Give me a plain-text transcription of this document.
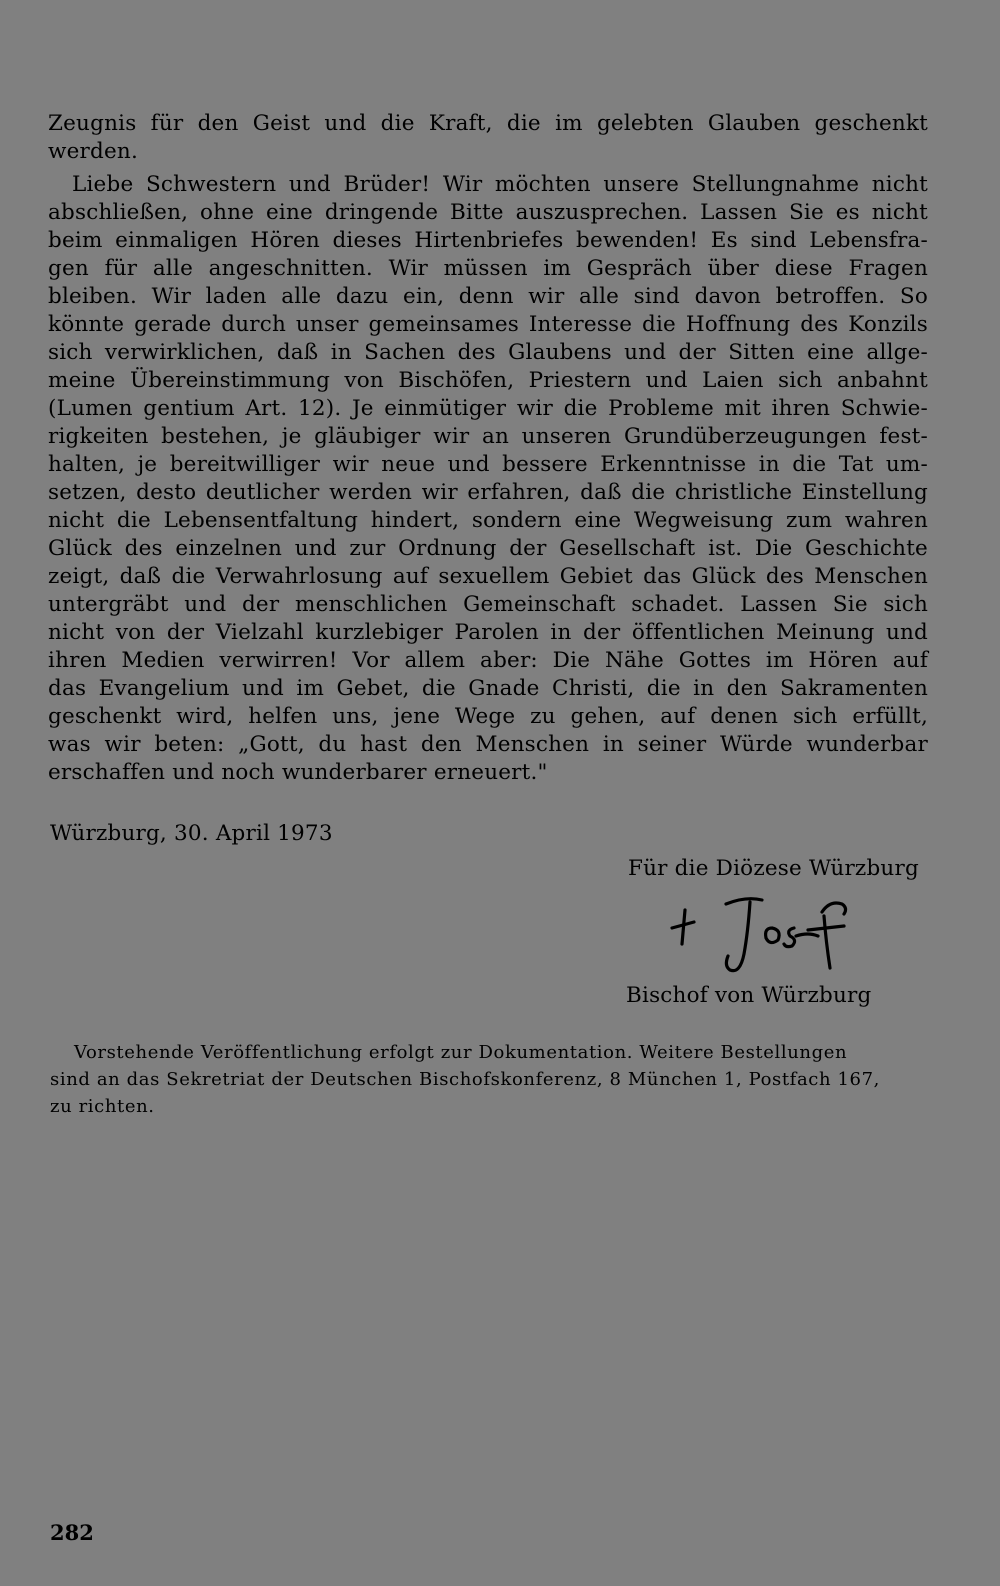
Zeugnis für den Geist und die Kraft, die im gelebten Glauben geschenkt
werden.
Liebe Schwestern und Brüder! Wir möchten unsere Stellungnahme nicht
abschließen, ohne eine dringende Bitte auszusprechen. Lassen Sie es nicht
beim einmaligen Hören dieses Hirtenbriefes bewenden! Es sind Lebensfra-
gen für alle angeschnitten. Wir müssen im Gespräch über diese Fragen
bleiben. Wir laden alle dazu ein, denn wir alle sind davon betroffen. So
könnte gerade durch unser gemeinsames Interesse die Hoffnung des Konzils
sich verwirklichen, daß in Sachen des Glaubens und der Sitten eine allge-
meine Übereinstimmung von Bischöfen, Priestern und Laien sich anbahnt
(Lumen gentium Art. 12). Je einmütiger wir die Probleme mit ihren Schwie-
rigkeiten bestehen, je gläubiger wir an unseren Grundüberzeugungen fest-
halten, je bereitwilliger wir neue und bessere Erkenntnisse in die Tat um-
setzen, desto deutlicher werden wir erfahren, daß die christliche Einstellung
nicht die Lebensentfaltung hindert, sondern eine Wegweisung zum wahren
Glück des einzelnen und zur Ordnung der Gesellschaft ist. Die Geschichte
zeigt, daß die Verwahrlosung auf sexuellem Gebiet das Glück des Menschen
untergräbt und der menschlichen Gemeinschaft schadet. Lassen Sie sich
nicht von der Vielzahl kurzlebiger Parolen in der öffentlichen Meinung und
ihren Medien verwirren! Vor allem aber: Die Nähe Gottes im Hören auf
das Evangelium und im Gebet, die Gnade Christi, die in den Sakramenten
geschenkt wird, helfen uns, jene Wege zu gehen, auf denen sich erfüllt,
was wir beten: „Gott, du hast den Menschen in seiner Würde wunderbar
erschaffen und noch wunderbarer erneuert."
Würzburg, 30. April 1973
Für die Diözese Würzburg
Bischof von Würzburg
Vorstehende Veröffentlichung erfolgt zur Dokumentation. Weitere Bestellungen
sind an das Sekretriat der Deutschen Bischofskonferenz, 8 München 1, Postfach 167,
zu richten.
282
